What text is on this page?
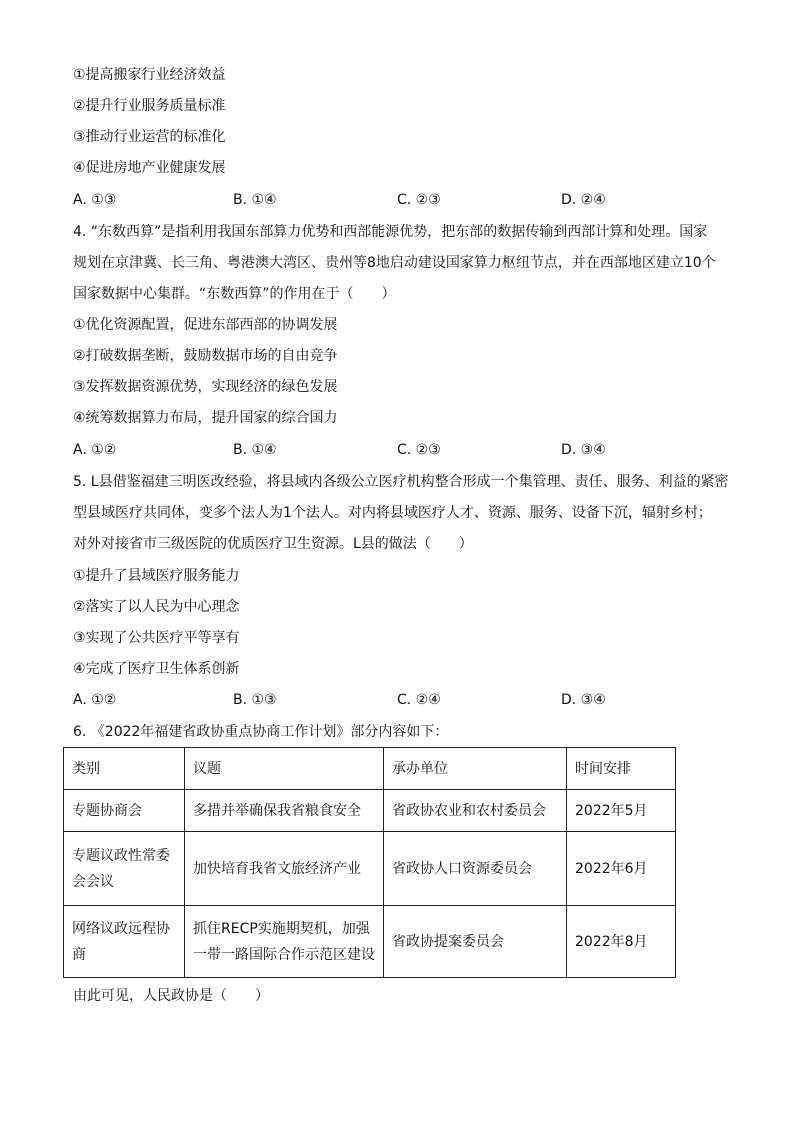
①提高搬家行业经济效益
②提升行业服务质量标准
③推动行业运营的标准化
④促进房地产业健康发展
A. ①③	B. ①④	C. ②③	D. ②④
4. “东数西算”是指利用我国东部算力优势和西部能源优势，把东部的数据传输到西部计算和处理。国家
规划在京津冀、长三角、粤港澳大湾区、贵州等8地启动建设国家算力枢纽节点，并在西部地区建立10个
国家数据中心集群。“东数西算”的作用在于（　　）
①优化资源配置，促进东部西部的协调发展
②打破数据垄断，鼓励数据市场的自由竞争
③发挥数据资源优势，实现经济的绿色发展
④统筹数据算力布局，提升国家的综合国力
A. ①②	B. ①④	C. ②③	D. ③④
5. L县借鉴福建三明医改经验，将县域内各级公立医疗机构整合形成一个集管理、责任、服务、利益的紧密
型县域医疗共同体，变多个法人为1个法人。对内将县域医疗人才、资源、服务、设备下沉，辐射乡村；
对外对接省市三级医院的优质医疗卫生资源。L县的做法（　　）
①提升了县域医疗服务能力
②落实了以人民为中心理念
③实现了公共医疗平等享有
④完成了医疗卫生体系创新
A. ①②	B. ①③	C. ②④	D. ③④
6. 《2022年福建省政协重点协商工作计划》部分内容如下：
类别	议题	承办单位	时间安排
专题协商会	多措并举确保我省粮食安全	省政协农业和农村委员会	2022年5月
专题议政性常委会会议	加快培育我省文旅经济产业	省政协人口资源委员会	2022年6月
网络议政远程协商	抓住RECP实施期契机，加强一带一路国际合作示范区建设	省政协提案委员会	2022年8月
由此可见，人民政协是（　　）
